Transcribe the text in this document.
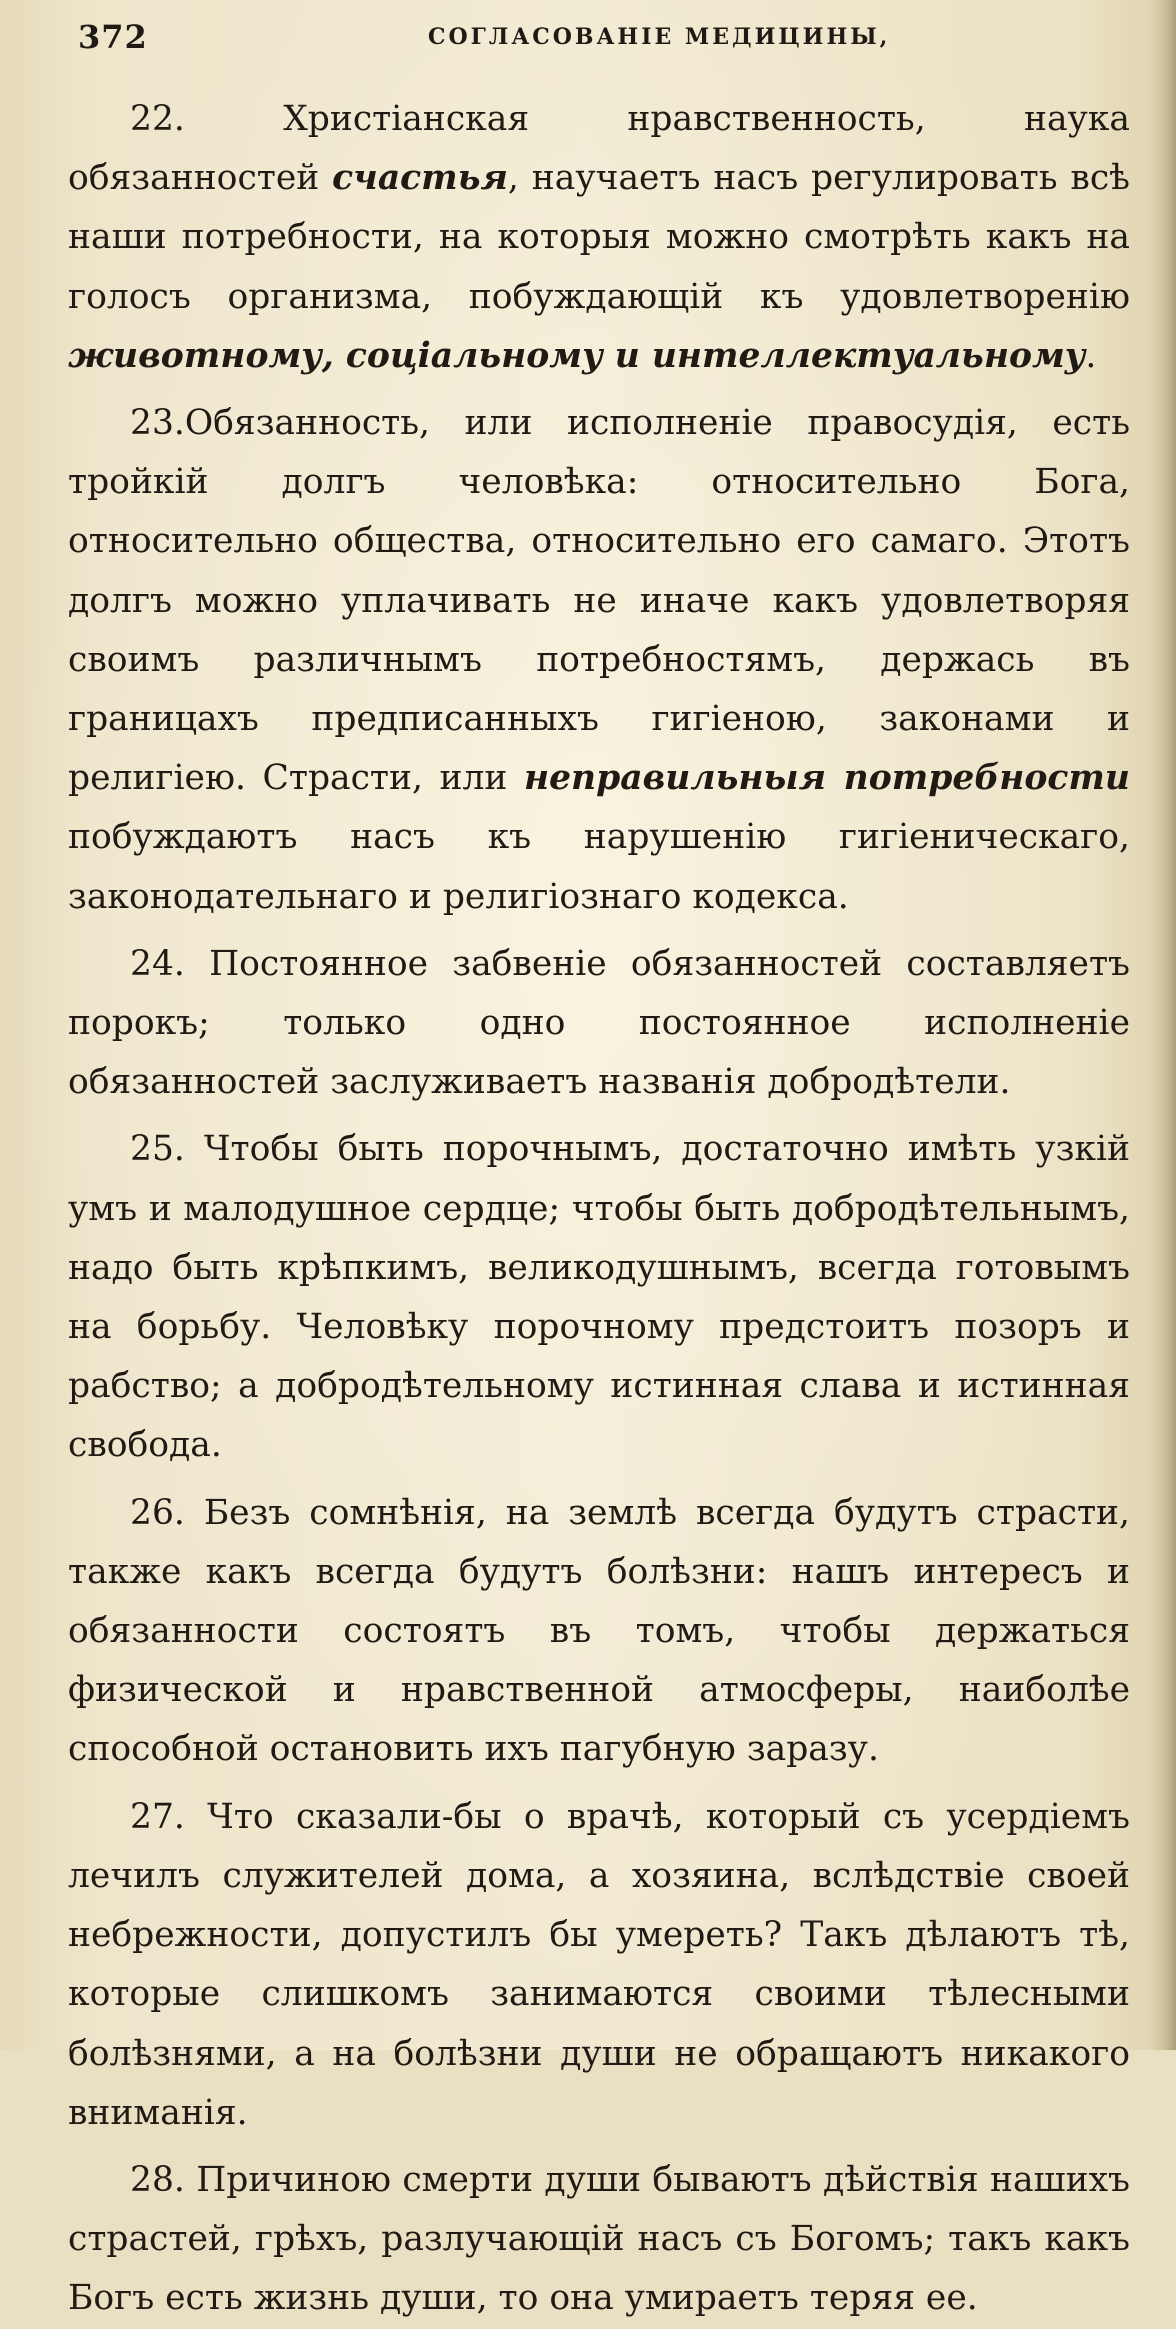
372	СОГЛАСОВАНІЕ МЕДИЦИНЫ,

22. Христіанская нравственность, наука обязанностей счастья, научаетъ насъ регулировать всѣ наши потребности, на которыя можно смотрѣть какъ на голосъ организма, побуждающій къ удовлетворенію животному, соціальному и интеллектуальному.

23.Обязанность, или исполненіе правосудія, есть тройкій долгъ человѣка: относительно Бога, относительно общества, относительно его самаго. Этотъ долгъ можно уплачивать не иначе какъ удовлетворяя своимъ различнымъ потребностямъ, держась въ границахъ предписанныхъ гигіеною, законами и религіею. Страсти, или неправильныя потребности побуждаютъ насъ къ нарушенію гигіеническаго, законодательнаго и религіознаго кодекса.

24. Постоянное забвеніе обязанностей составляетъ порокъ; только одно постоянное исполненіе обязанностей заслуживаетъ названія добродѣтели.

25. Чтобы быть порочнымъ, достаточно имѣть узкій умъ и малодушное сердце; чтобы быть добродѣтельнымъ, надо быть крѣпкимъ, великодушнымъ, всегда готовымъ на борьбу. Человѣку порочному предстоитъ позоръ и рабство; а добродѣтельному истинная слава и истинная свобода.

26. Безъ сомнѣнія, на землѣ всегда будутъ страсти, также какъ всегда будутъ болѣзни: нашъ интересъ и обязанности состоятъ въ томъ, чтобы держаться физической и нравственной атмосферы, наиболѣе способной остановить ихъ пагубную заразу.

27. Что сказали-бы о врачѣ, который съ усердіемъ лечилъ служителей дома, а хозяина, вслѣдствіе своей небрежности, допустилъ бы умереть? Такъ дѣлаютъ тѣ, которые слишкомъ занимаются своими тѣлесными болѣзнями, а на болѣзни души не обращаютъ никакого вниманія.

28. Причиною смерти души бываютъ дѣйствія нашихъ страстей, грѣхъ, разлучающій насъ съ Богомъ; такъ какъ Богъ есть жизнь души, то она умираетъ теряя ее.
